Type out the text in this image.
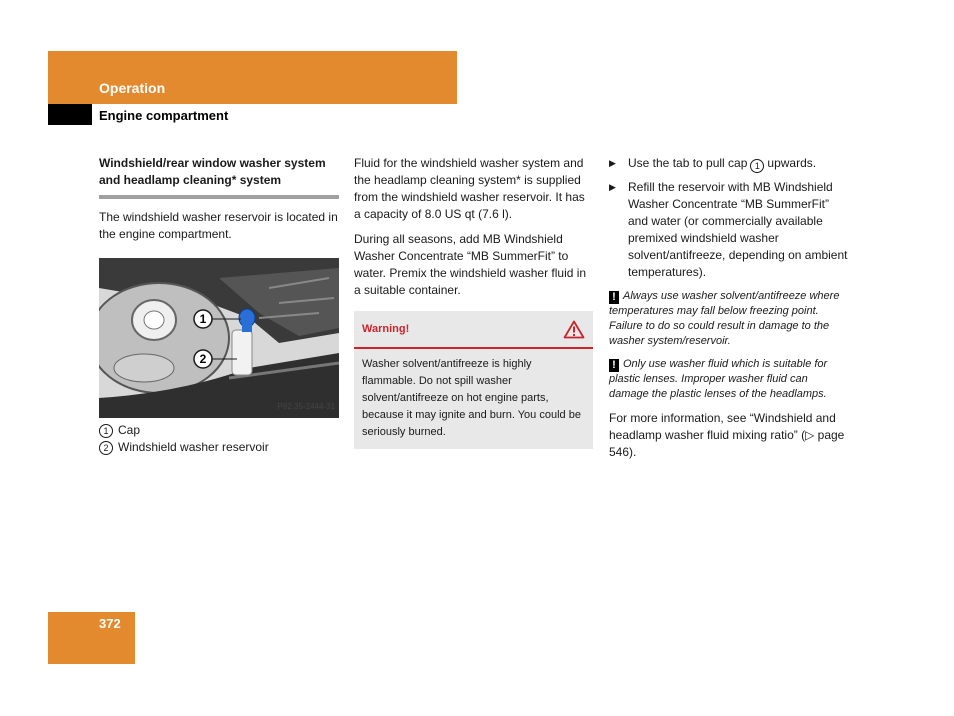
Operation
Engine compartment
Windshield/rear window washer system and headlamp cleaning* system

The windshield washer reservoir is located in the engine compartment.

1
2
P82.35-2444-31
1 Cap
2 Windshield washer reservoir

Fluid for the windshield washer system and the headlamp cleaning system* is supplied from the windshield washer reservoir. It has a capacity of 8.0 US qt (7.6 l).

During all seasons, add MB Windshield Washer Concentrate “MB SummerFit” to water. Premix the windshield washer fluid in a suitable container.

Warning!
Washer solvent/antifreeze is highly flammable. Do not spill washer solvent/antifreeze on hot engine parts, because it may ignite and burn. You could be seriously burned.
▶	Use the tab to pull cap 1 upwards.
▶	Refill the reservoir with MB Windshield Washer Concentrate “MB SummerFit” and water (or commercially available premixed windshield washer solvent/antifreeze, depending on ambient temperatures).

! Always use washer solvent/antifreeze where temperatures may fall below freezing point. Failure to do so could result in damage to the washer system/reservoir.

! Only use washer fluid which is suitable for plastic lenses. Improper washer fluid can damage the plastic lenses of the headlamps.

For more information, see “Windshield and headlamp washer fluid mixing ratio” (▷ page 546).

372
